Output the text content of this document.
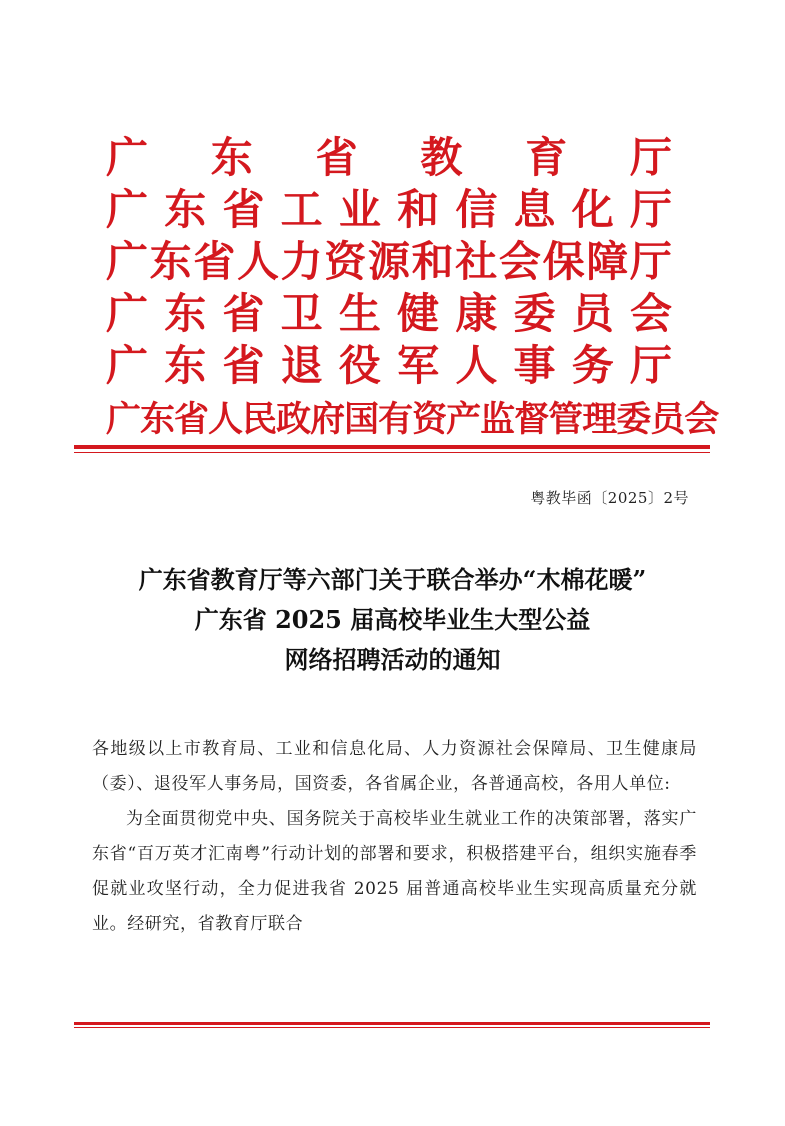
广 东 省 教 育 厅
广 东 省 工 业 和 信 息 化 厅
广 东 省 人 力 资 源 和 社 会 保 障 厅
广 东 省 卫 生 健 康 委 员 会
广 东 省 退 役 军 人 事 务 厅
广 东 省 人 民 政 府 国 有 资 产 监 督 管 理 委 员 会
粤教毕函〔2025〕2号
广东省教育厅等六部门关于联合举办“木棉花暖”
广东省 2025 届高校毕业生大型公益
网络招聘活动的通知

各地级以上市教育局、工业和信息化局、人力资源社会保障局、卫生健康局（委）、退役军人事务局，国资委，各省属企业，各普通高校，各用人单位:

为全面贯彻党中央、国务院关于高校毕业生就业工作的决策部署，落实广东省“百万英才汇南粤”行动计划的部署和要求，积极搭建平台，组织实施春季促就业攻坚行动，全力促进我省 2025 届普通高校毕业生实现高质量充分就业。经研究，省教育厅联合
